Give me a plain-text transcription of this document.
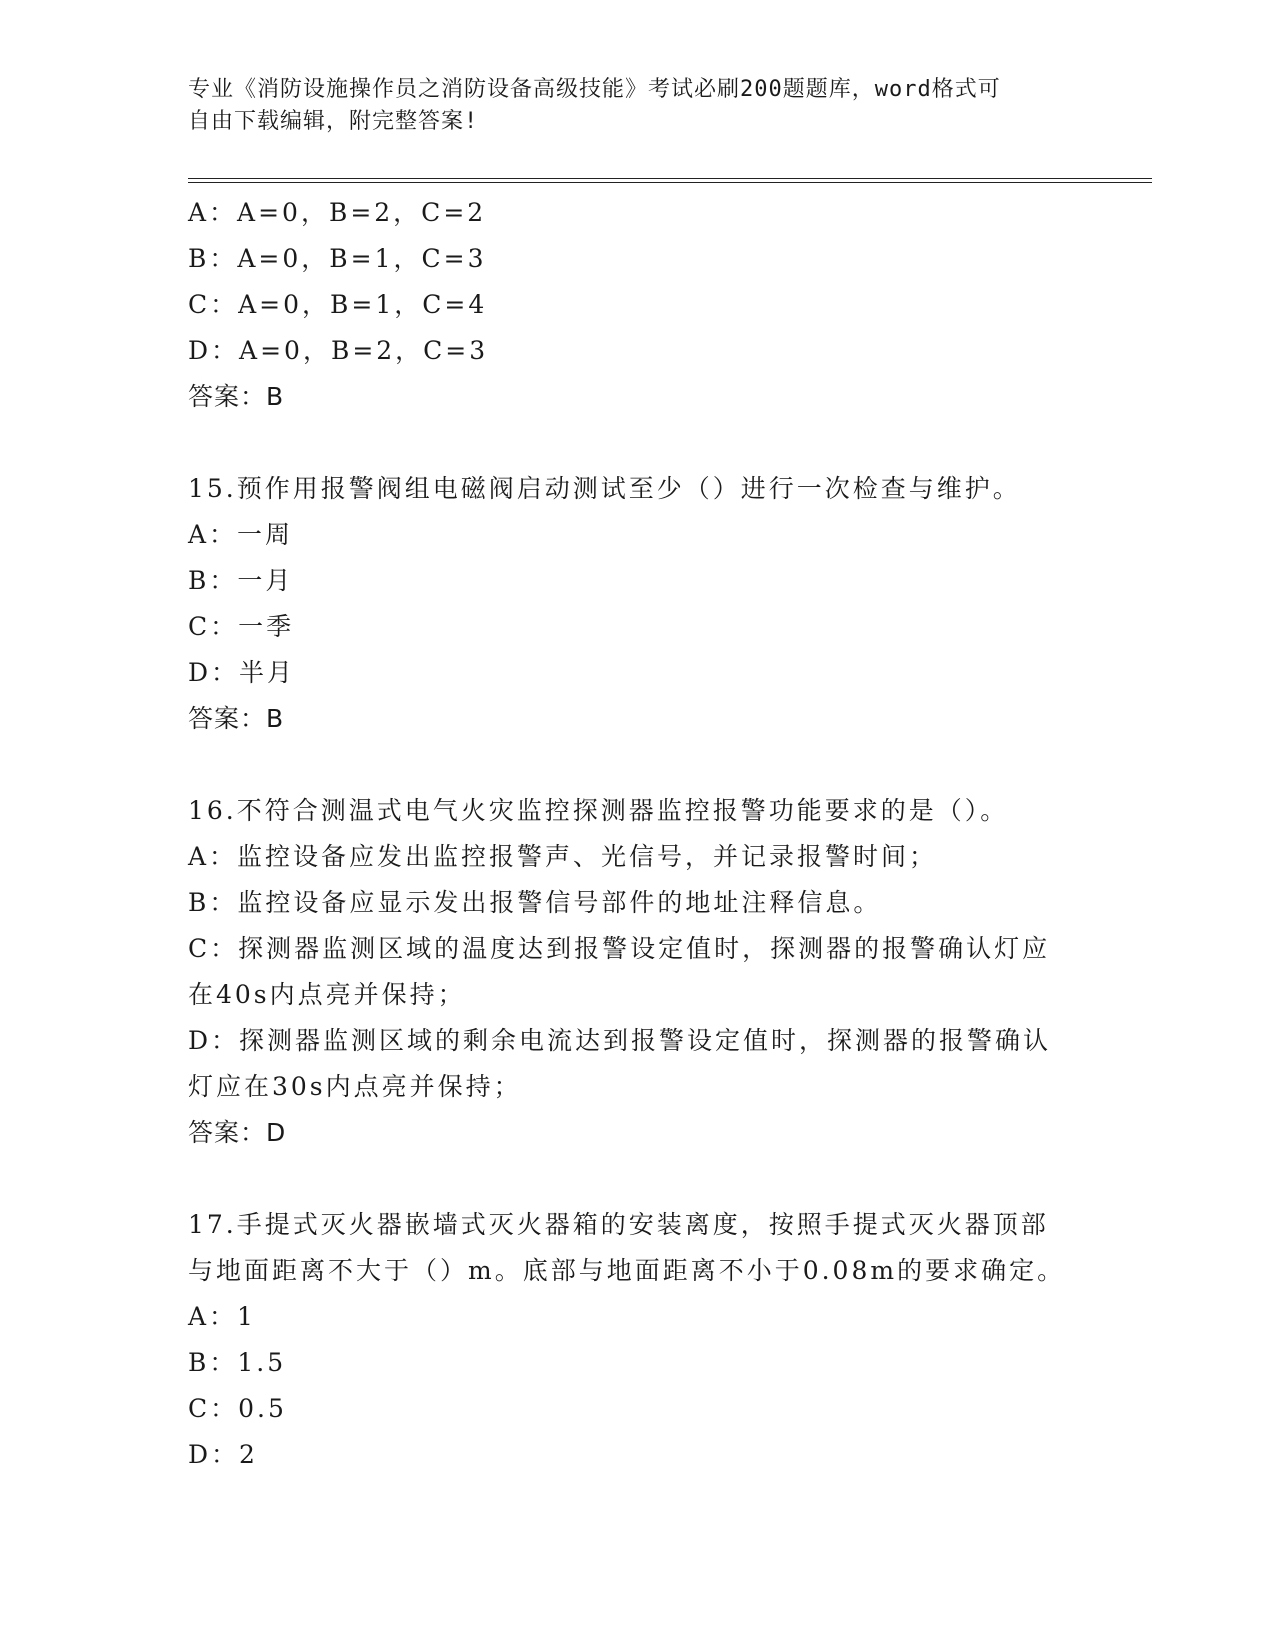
专业《消防设施操作员之消防设备高级技能》考试必刷200题题库，word格式可
自由下载编辑，附完整答案!
A：A=0，B=2，C=2
B：A=0，B=1，C=3
C：A=0，B=1，C=4
D：A=0，B=2，C=3
答案：B
15.预作用报警阀组电磁阀启动测试至少（）进行一次检查与维护。
A：一周
B：一月
C：一季
D：半月
答案：B
16.不符合测温式电气火灾监控探测器监控报警功能要求的是（）。
A：监控设备应发出监控报警声、光信号，并记录报警时间；
B：监控设备应显示发出报警信号部件的地址注释信息。
C：探测器监测区域的温度达到报警设定值时，探测器的报警确认灯应
在40s内点亮并保持；
D：探测器监测区域的剩余电流达到报警设定值时，探测器的报警确认
灯应在30s内点亮并保持；
答案：D
17.手提式灭火器嵌墙式灭火器箱的安装离度，按照手提式灭火器顶部
与地面距离不大于（）m。底部与地面距离不小于0.08m的要求确定。
A：1
B：1.5
C：0.5
D：2
